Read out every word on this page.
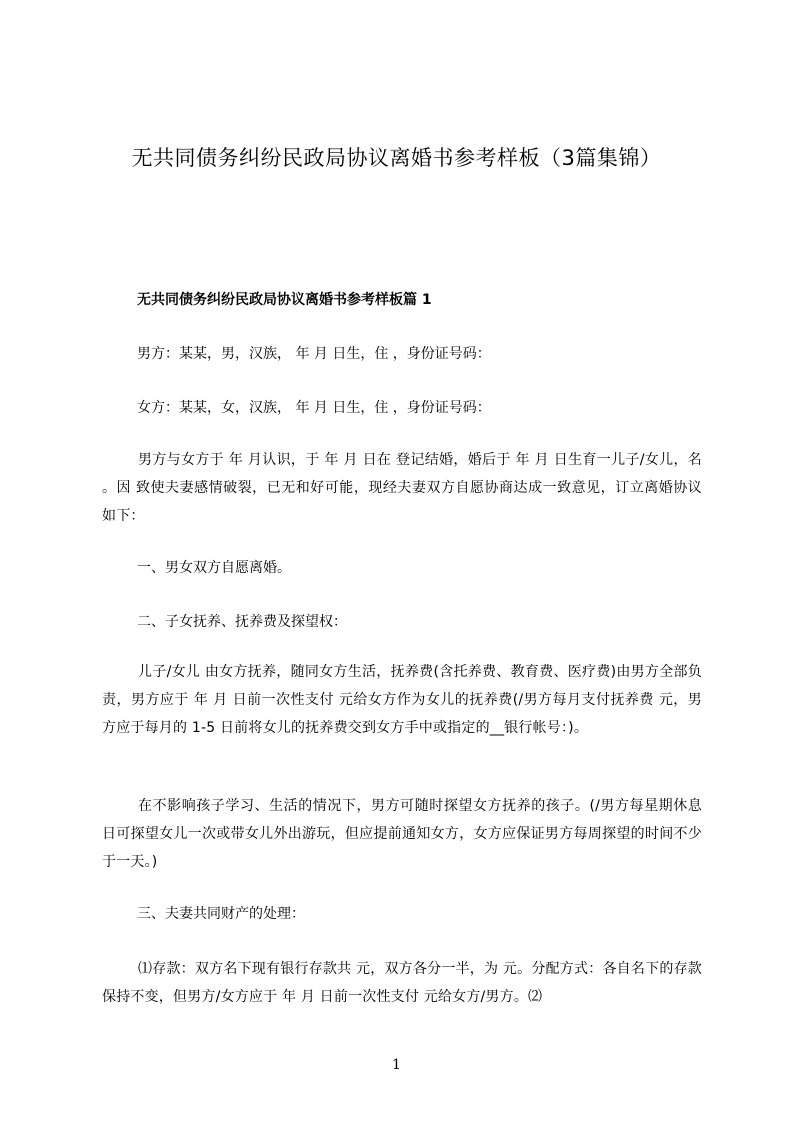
无共同债务纠纷民政局协议离婚书参考样板（3篇集锦）
无共同债务纠纷民政局协议离婚书参考样板篇 1
男方：某某，男，汉族， 年 月 日生，住 ，身份证号码：
女方：某某，女，汉族， 年 月 日生，住 ，身份证号码：
男方与女方于 年 月认识，于 年 月 日在 登记结婚，婚后于 年 月 日生育一儿子/女儿，名 。因 致使夫妻感情破裂，已无和好可能，现经夫妻双方自愿协商达成一致意见，订立离婚协议如下：
一、男女双方自愿离婚。
二、子女抚养、抚养费及探望权：
儿子/女儿 由女方抚养，随同女方生活，抚养费(含托养费、教育费、医疗费)由男方全部负责，男方应于 年 月 日前一次性支付 元给女方作为女儿的抚养费(/男方每月支付抚养费 元，男方应于每月的 1-5 日前将女儿的抚养费交到女方手中或指定的__银行帐号：)。
在不影响孩子学习、生活的情况下，男方可随时探望女方抚养的孩子。(/男方每星期休息日可探望女儿一次或带女儿外出游玩，但应提前通知女方，女方应保证男方每周探望的时间不少于一天。)
三、夫妻共同财产的处理：
⑴存款：双方名下现有银行存款共 元，双方各分一半，为 元。分配方式：各自名下的存款保持不变，但男方/女方应于 年 月 日前一次性支付 元给女方/男方。⑵
1
